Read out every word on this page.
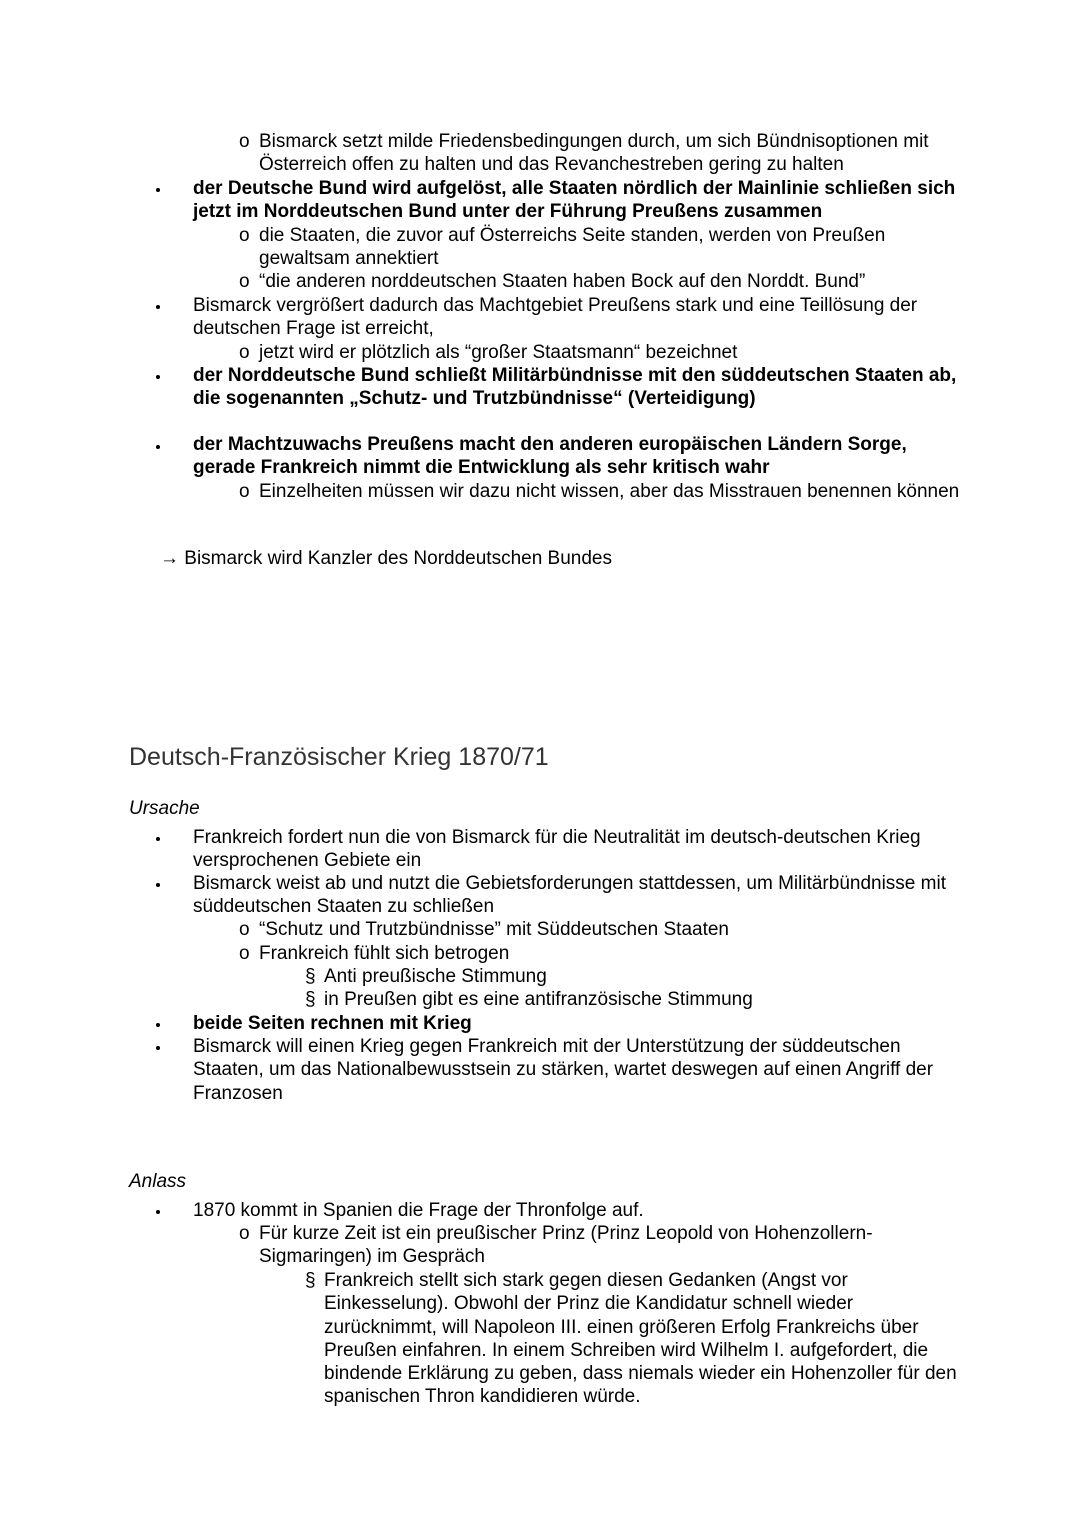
o Bismarck setzt milde Friedensbedingungen durch, um sich Bündnisoptionen mit Österreich offen zu halten und das Revanchestreben gering zu halten

der Deutsche Bund wird aufgelöst, alle Staaten nördlich der Mainlinie schließen sich jetzt im Norddeutschen Bund unter der Führung Preußens zusammen

o die Staaten, die zuvor auf Österreichs Seite standen, werden von Preußen gewaltsam annektiert

o “die anderen norddeutschen Staaten haben Bock auf den Norddt. Bund”

Bismarck vergrößert dadurch das Machtgebiet Preußens stark und eine Teillösung der deutschen Frage ist erreicht,

o jetzt wird er plötzlich als “großer Staatsmann“ bezeichnet

der Norddeutsche Bund schließt Militärbündnisse mit den süddeutschen Staaten ab, die sogenannten „Schutz- und Trutzbündnisse“ (Verteidigung)

der Machtzuwachs Preußens macht den anderen europäischen Ländern Sorge, gerade Frankreich nimmt die Entwicklung als sehr kritisch wahr

o Einzelheiten müssen wir dazu nicht wissen, aber das Misstrauen benennen können

→ Bismarck wird Kanzler des Norddeutschen Bundes

Deutsch-Französischer Krieg 1870/71

Ursache

Frankreich fordert nun die von Bismarck für die Neutralität im deutsch-deutschen Krieg versprochenen Gebiete ein

Bismarck weist ab und nutzt die Gebietsforderungen stattdessen, um Militärbündnisse mit süddeutschen Staaten zu schließen

o “Schutz und Trutzbündnisse” mit Süddeutschen Staaten

o Frankreich fühlt sich betrogen

§ Anti preußische Stimmung

§ in Preußen gibt es eine antifranzösische Stimmung

beide Seiten rechnen mit Krieg

Bismarck will einen Krieg gegen Frankreich mit der Unterstützung der süddeutschen Staaten, um das Nationalbewusstsein zu stärken, wartet deswegen auf einen Angriff der Franzosen

Anlass

1870 kommt in Spanien die Frage der Thronfolge auf.

o Für kurze Zeit ist ein preußischer Prinz (Prinz Leopold von Hohenzollern-Sigmaringen) im Gespräch

§ Frankreich stellt sich stark gegen diesen Gedanken (Angst vor Einkesselung). Obwohl der Prinz die Kandidatur schnell wieder zurücknimmt, will Napoleon III. einen größeren Erfolg Frankreichs über Preußen einfahren. In einem Schreiben wird Wilhelm I. aufgefordert, die bindende Erklärung zu geben, dass niemals wieder ein Hohenzoller für den spanischen Thron kandidieren würde.
